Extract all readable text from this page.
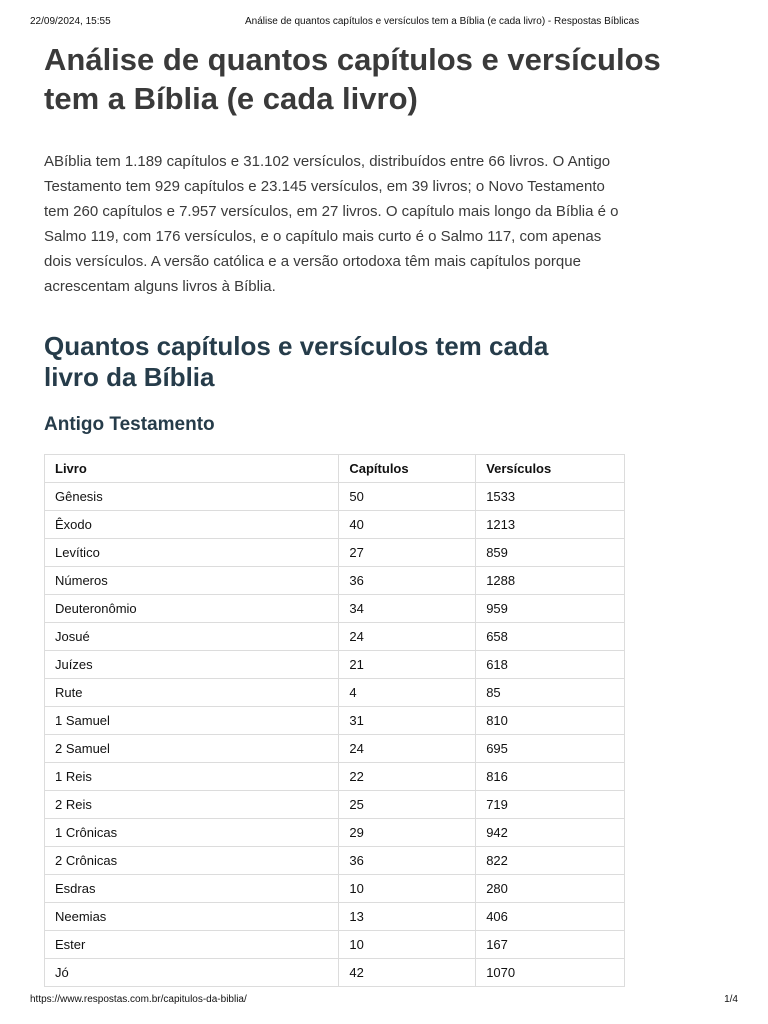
22/09/2024, 15:55	Análise de quantos capítulos e versículos tem a Bíblia (e cada livro) - Respostas Bíblicas
Análise de quantos capítulos e versículos tem a Bíblia (e cada livro)

ABíblia tem 1.189 capítulos e 31.102 versículos, distribuídos entre 66 livros. O Antigo Testamento tem 929 capítulos e 23.145 versículos, em 39 livros; o Novo Testamento tem 260 capítulos e 7.957 versículos, em 27 livros. O capítulo mais longo da Bíblia é o Salmo 119, com 176 versículos, e o capítulo mais curto é o Salmo 117, com apenas dois versículos. A versão católica e a versão ortodoxa têm mais capítulos porque acrescentam alguns livros à Bíblia.

Quantos capítulos e versículos tem cada livro da Bíblia
Antigo Testamento
Livro	Capítulos	Versículos
Gênesis	50	1533
Êxodo	40	1213
Levítico	27	859
Números	36	1288
Deuteronômio	34	959
Josué	24	658
Juízes	21	618
Rute	4	85
1 Samuel	31	810
2 Samuel	24	695
1 Reis	22	816
2 Reis	25	719
1 Crônicas	29	942
2 Crônicas	36	822
Esdras	10	280
Neemias	13	406
Ester	10	167
Jó	42	1070
https://www.respostas.com.br/capitulos-da-biblia/	1/4
